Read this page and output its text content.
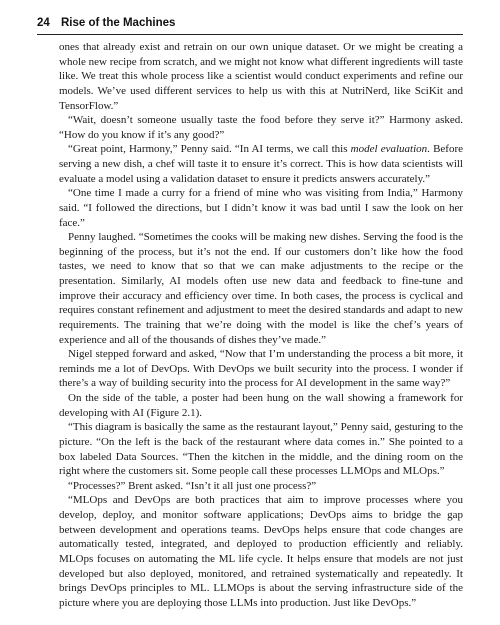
24 Rise of the Machines

ones that already exist and retrain on our own unique dataset. Or we might be creating a whole new recipe from scratch, and we might not know what different ingredients will taste like. We treat this whole process like a scientist would conduct experiments and refine our models. We’ve used different services to help us with this at NutriNerd, like SciKit and TensorFlow.”

“Wait, doesn’t someone usually taste the food before they serve it?” Harmony asked. “How do you know if it’s any good?”

“Great point, Harmony,” Penny said. “In AI terms, we call this model evaluation. Before serving a new dish, a chef will taste it to ensure it’s correct. This is how data scientists will evaluate a model using a validation dataset to ensure it predicts answers accurately.”

“One time I made a curry for a friend of mine who was visiting from India,” Harmony said. “I followed the directions, but I didn’t know it was bad until I saw the look on her face.”

Penny laughed. “Sometimes the cooks will be making new dishes. Serving the food is the beginning of the process, but it’s not the end. If our customers don’t like how the food tastes, we need to know that so that we can make adjustments to the recipe or the presentation. Similarly, AI models often use new data and feedback to fine-tune and improve their accuracy and efficiency over time. In both cases, the process is cyclical and requires constant refinement and adjustment to meet the desired standards and adapt to new requirements. The training that we’re doing with the model is like the chef’s years of experience and all of the thousands of dishes they’ve made.”

Nigel stepped forward and asked, “Now that I’m understanding the process a bit more, it reminds me a lot of DevOps. With DevOps we built security into the process. I wonder if there’s a way of building security into the process for AI development in the same way?”

On the side of the table, a poster had been hung on the wall showing a framework for developing with AI (Figure 2.1).

“This diagram is basically the same as the restaurant layout,” Penny said, gesturing to the picture. “On the left is the back of the restaurant where data comes in.” She pointed to a box labeled Data Sources. “Then the kitchen in the middle, and the dining room on the right where the customers sit. Some people call these processes LLMOps and MLOps.”

“Processes?” Brent asked. “Isn’t it all just one process?”

“MLOps and DevOps are both practices that aim to improve processes where you develop, deploy, and monitor software applications; DevOps aims to bridge the gap between development and operations teams. DevOps helps ensure that code changes are automatically tested, integrated, and deployed to production efficiently and reliably. MLOps focuses on automating the ML life cycle. It helps ensure that models are not just developed but also deployed, monitored, and retrained systematically and repeatedly. It brings DevOps principles to ML. LLMOps is about the serving infrastructure side of the picture where you are deploying those LLMs into production. Just like DevOps.”
